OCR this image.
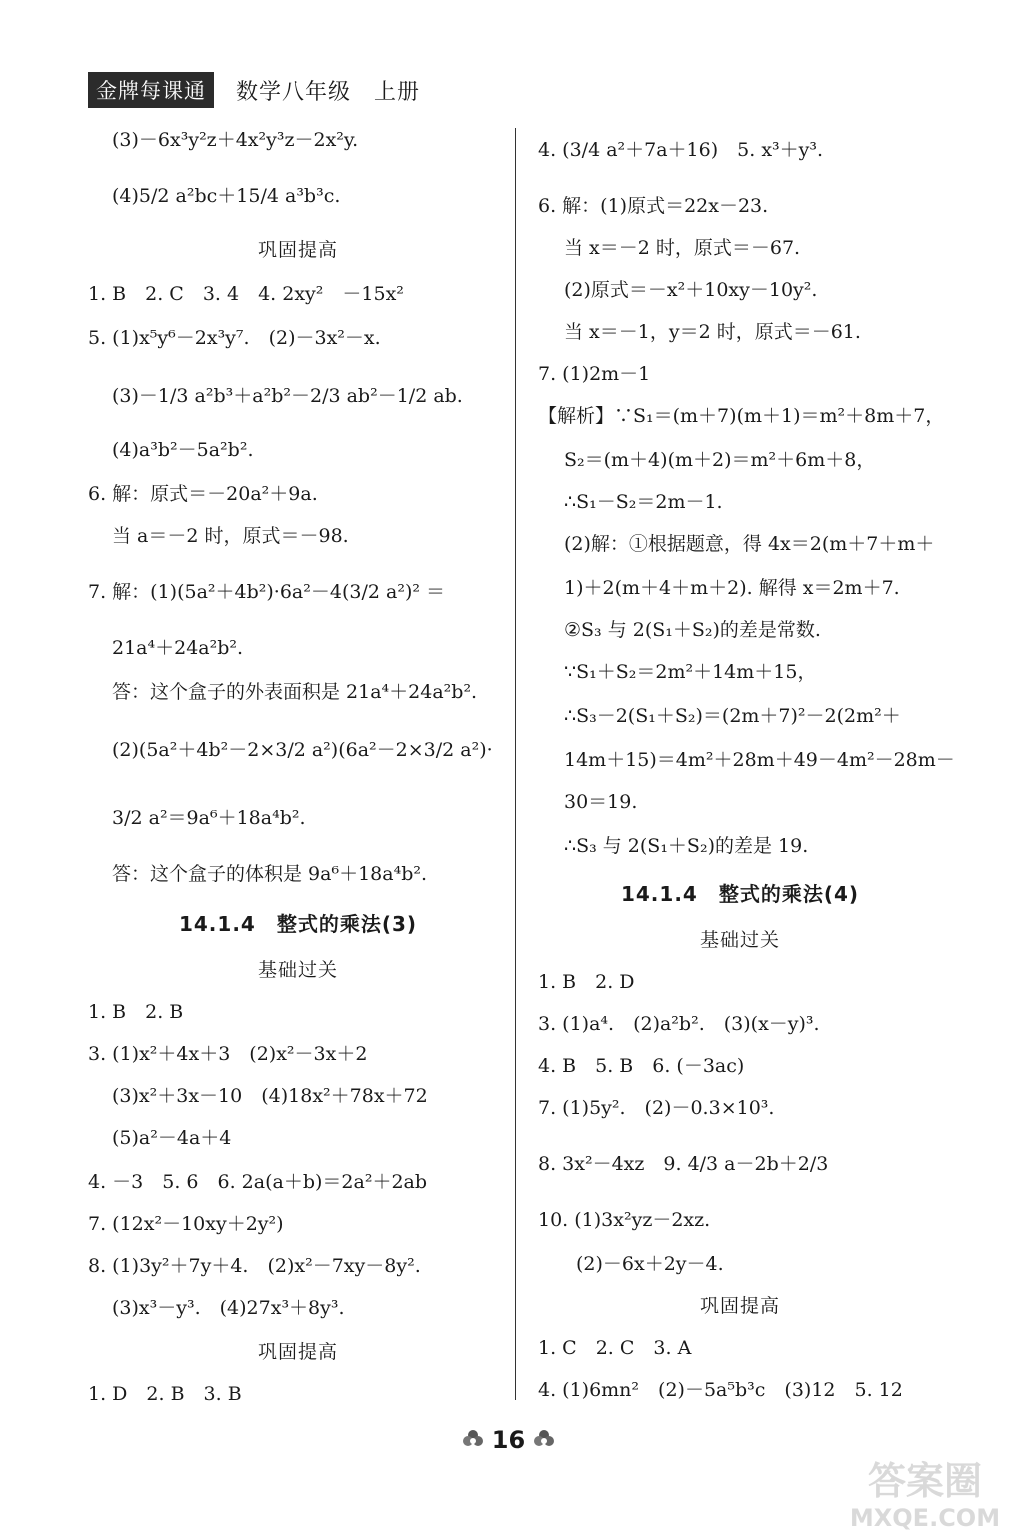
金牌每课通	数学八年级　上册
(3)－6x³y²z＋4x²y³z－2x²y.
(4)5/2 a²bc＋15/4 a³b³c.
巩固提高
1. B　2. C　3. 4　4. 2xy²　－15x²
5. (1)x⁵y⁶－2x³y⁷.　(2)－3x²－x.
(3)－1/3 a²b³＋a²b²－2/3 ab²－1/2 ab.
(4)a³b²－5a²b².
6. 解：原式＝－20a²＋9a.
当 a＝－2 时，原式＝－98.
7. 解：(1)(5a²＋4b²)·6a²－4(3/2 a²)² ＝
21a⁴＋24a²b².
答：这个盒子的外表面积是 21a⁴＋24a²b².
(2)(5a²＋4b²－2×3/2 a²)(6a²－2×3/2 a²)·
3/2 a²＝9a⁶＋18a⁴b².
答：这个盒子的体积是 9a⁶＋18a⁴b².
14.1.4　整式的乘法(3)
基础过关
1. B　2. B
3. (1)x²＋4x＋3　(2)x²－3x＋2
(3)x²＋3x－10　(4)18x²＋78x＋72
(5)a²－4a＋4
4. －3　5. 6　6. 2a(a＋b)＝2a²＋2ab
7. (12x²－10xy＋2y²)
8. (1)3y²＋7y＋4.　(2)x²－7xy－8y².
(3)x³－y³.　(4)27x³＋8y³.
巩固提高
1. D　2. B　3. B
4. (3/4 a²＋7a＋16)　5. x³＋y³.
6. 解：(1)原式＝22x－23.
当 x＝－2 时，原式＝－67.
(2)原式＝－x²＋10xy－10y².
当 x＝－1，y＝2 时，原式＝－61.
7. (1)2m－1
【解析】∵S₁＝(m＋7)(m＋1)＝m²＋8m＋7，
S₂＝(m＋4)(m＋2)＝m²＋6m＋8，
∴S₁－S₂＝2m－1.
(2)解：①根据题意，得 4x＝2(m＋7＋m＋
1)＋2(m＋4＋m＋2). 解得 x＝2m＋7.
②S₃ 与 2(S₁＋S₂)的差是常数.
∵S₁＋S₂＝2m²＋14m＋15，
∴S₃－2(S₁＋S₂)＝(2m＋7)²－2(2m²＋
14m＋15)＝4m²＋28m＋49－4m²－28m－
30＝19.
∴S₃ 与 2(S₁＋S₂)的差是 19.
14.1.4　整式的乘法(4)
基础过关
1. B　2. D
3. (1)a⁴.　(2)a²b².　(3)(x－y)³.
4. B　5. B　6. (－3ac)
7. (1)5y².　(2)－0.3×10³.
8. 3x²－4xz　9. 4/3 a－2b＋2/3
10. (1)3x²yz－2xz.
(2)－6x＋2y－4.
巩固提高
1. C　2. C　3. A
4. (1)6mn²　(2)－5a⁵b³c　(3)12　5. 12
16
答案圈
MXQE.COM
